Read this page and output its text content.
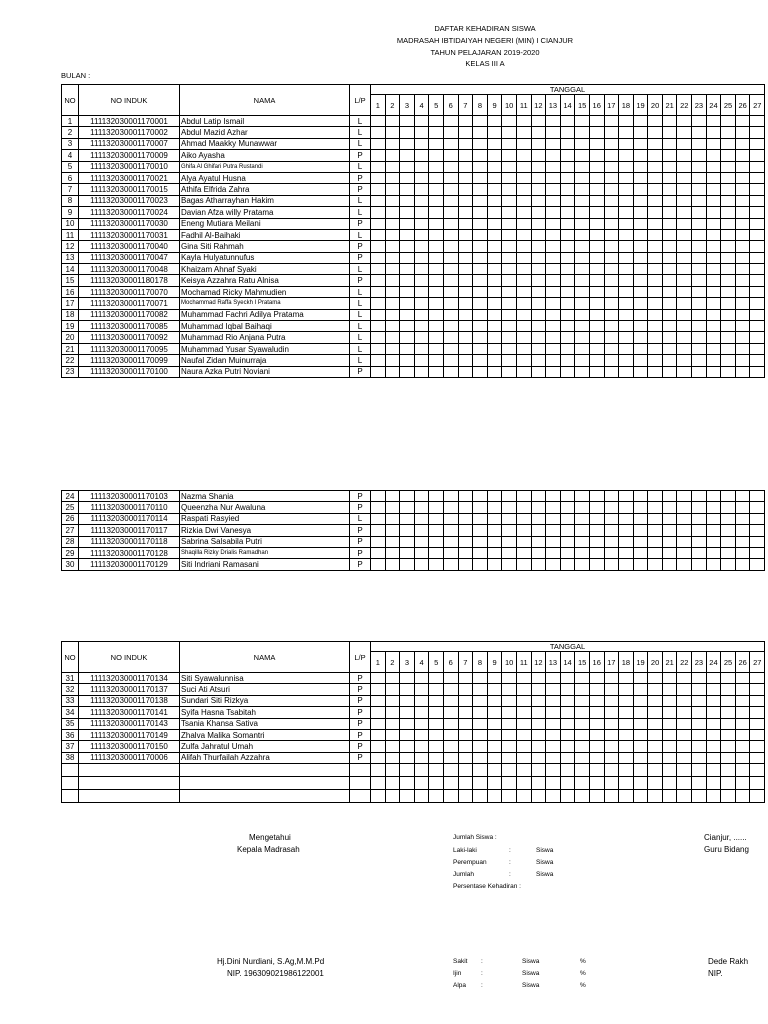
DAFTAR KEHADIRAN SISWA
MADRASAH IBTIDAIYAH NEGERI (MIN) I CIANJUR
TAHUN PELAJARAN 2019-2020
KELAS III A
BULAN :
NO	NO INDUK	NAMA	L/P	TANGGAL																										
				1	2	3	4	5	6	7	8	9	10	11	12	13	14	15	16	17	18	19	20	21	22	23	24	25	26	27
1	111132030001170001	Abdul Latip Ismail	L																											
2	111132030001170002	Abdul Mazid Azhar	L																											
3	111132030001170007	Ahmad Maakky Munawwar	L																											
4	111132030001170009	Aiko Ayasha	P																											
5	111132030001170010	Ghifa Al Ghifari Putra Rustandi	L																											
6	111132030001170021	Alya Ayatul Husna	P																											
7	111132030001170015	Athifa Elfrida Zahra	P																											
8	111132030001170023	Bagas Atharrayhan Hakim	L																											
9	111132030001170024	Davian Afza willy Pratama	L																											
10	111132030001170030	Eneng Mutiara Meilani	P																											
11	111132030001170031	Fadhil Al-Baihaki	L																											
12	111132030001170040	Gina Siti Rahmah	P																											
13	111132030001170047	Kayla Hulyatunnufus	P																											
14	111132030001170048	Khaizam Ahnaf Syaki	L																											
15	111132030001180178	Keisya Azzahra Ratu Alnisa	P																											
16	111132030001170070	Mochamad Ricky Mahmudien	L																											
17	111132030001170071	Mochammad Raffa Syeckh I Pratama	L																											
18	111132030001170082	Muhammad Fachri Adilya Pratama	L																											
19	111132030001170085	Muhammad Iqbal Baihaqi	L																											
20	111132030001170092	Muhammad Rio Anjana Putra	L																											
21	111132030001170095	Muhammad Yusar Syawaludin	L																											
22	111132030001170099	Naufal Zidan Muinurraja	L																											
23	111132030001170100	Naura Azka Putri Noviani	P																											
24	111132030001170103	Nazma Shania	P																											
25	111132030001170110	Queenzha Nur Awaluna	P																											
26	111132030001170114	Raspati Rasyied	L																											
27	111132030001170117	Rizkia Dwi Vanesya	P																											
28	111132030001170118	Sabrina Salsabila Putri	P																											
29	111132030001170128	Shaqilla Rizky Drialis Ramadhan	P																											
30	111132030001170129	Siti Indriani Ramasani	P																											
NO	NO INDUK	NAMA	L/P	TANGGAL																										
				1	2	3	4	5	6	7	8	9	10	11	12	13	14	15	16	17	18	19	20	21	22	23	24	25	26	27
31	111132030001170134	Siti Syawalunnisa	P																											
32	111132030001170137	Suci Ati Atsuri	P																											
33	111132030001170138	Sundari Siti Rizkya	P																											
34	111132030001170141	Syifa Hasna Tsabitah	P																											
35	111132030001170143	Tsania Khansa Sativa	P																											
36	111132030001170149	Zhalva Malika Somantri	P																											
37	111132030001170150	Zulfa Jahratul Umah	P																											
38	111132030001170006	Alifah Thurfailah Azzahra	P																											

Mengetahui
Kepala Madrasah
Hj.Dini Nurdiani, S.Ag,M.M.Pd
NIP. 196309021986122001
Jumlah Siswa :
Laki-laki	:	Siswa
Perempuan	:	Siswa
Jumlah	:	Siswa
Persentase Kehadiran :
Sakit :	Siswa	%
Ijin	:	Siswa	%
Alpa :	Siswa	%
Cianjur, ......
Guru Bidang
Dede Rakh
NIP.
